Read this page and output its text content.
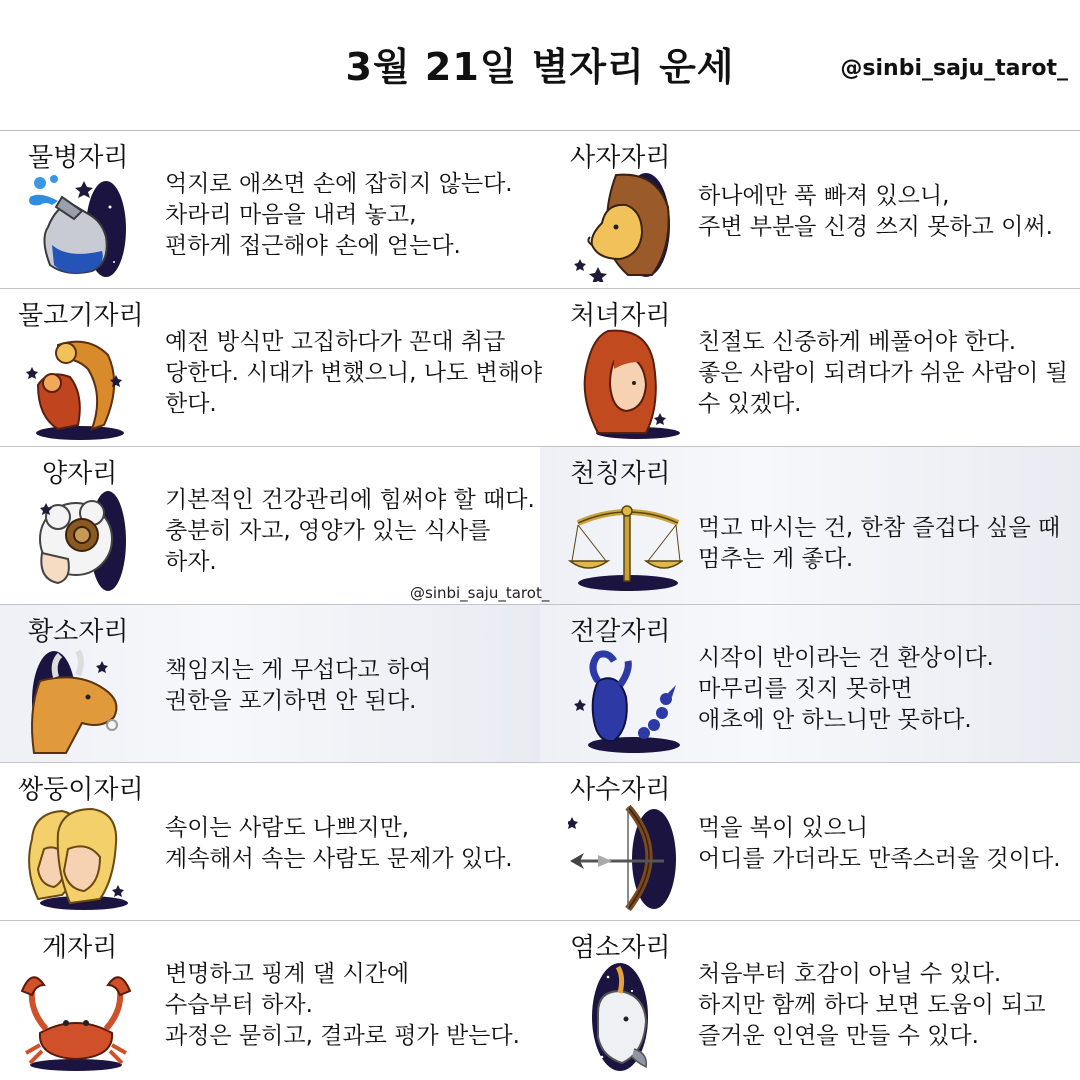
3월 21일 별자리 운세	@sinbi_saju_tarot_
물병자리
억지로 애쓰면 손에 잡히지 않는다.
차라리 마음을 내려 놓고,
편하게 접근해야 손에 얻는다.
사자자리
하나에만 푹 빠져 있으니,
주변 부분을 신경 쓰지 못하고 이써.
물고기자리
예전 방식만 고집하다가 꼰대 취급
당한다. 시대가 변했으니, 나도 변해야
한다.
처녀자리
친절도 신중하게 베풀어야 한다.
좋은 사람이 되려다가 쉬운 사람이 될
수 있겠다.
양자리
기본적인 건강관리에 힘써야 할 때다.
충분히 자고, 영양가 있는 식사를
하자.
천칭자리
먹고 마시는 건, 한참 즐겁다 싶을 때
멈추는 게 좋다.
황소자리
책임지는 게 무섭다고 하여
권한을 포기하면 안 된다.
전갈자리
시작이 반이라는 건 환상이다.
마무리를 짓지 못하면
애초에 안 하느니만 못하다.
쌍둥이자리
속이는 사람도 나쁘지만,
계속해서 속는 사람도 문제가 있다.
사수자리
먹을 복이 있으니
어디를 가더라도 만족스러울 것이다.
게자리
변명하고 핑계 댈 시간에
수습부터 하자.
과정은 묻히고, 결과로 평가 받는다.
염소자리
처음부터 호감이 아닐 수 있다.
하지만 함께 하다 보면 도움이 되고
즐거운 인연을 만들 수 있다.
@sinbi_saju_tarot_
